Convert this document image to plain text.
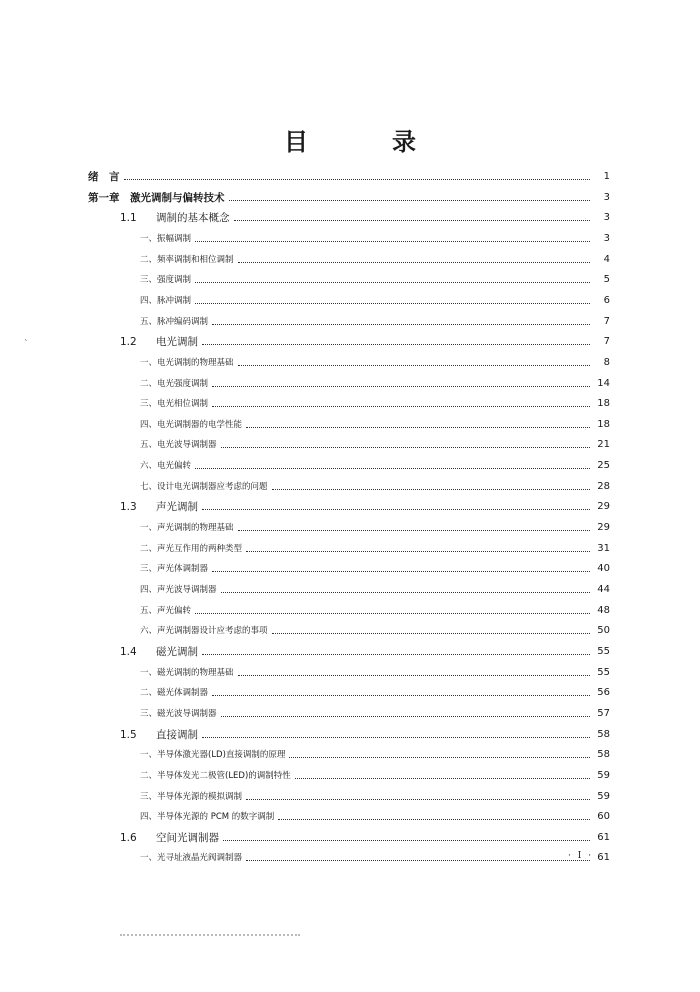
`
目　录
绪　言	1
第一章　激光调制与偏转技术	3
1.1 调制的基本概念	3
一、振幅调制	3
二、频率调制和相位调制	4
三、强度调制	5
四、脉冲调制	6
五、脉冲编码调制	7
1.2 电光调制	7
一、电光调制的物理基础	8
二、电光强度调制	14
三、电光相位调制	18
四、电光调制器的电学性能	18
五、电光波导调制器	21
六、电光偏转	25
七、设计电光调制器应考虑的问题	28
1.3 声光调制	29
一、声光调制的物理基础	29
二、声光互作用的两种类型	31
三、声光体调制器	40
四、声光波导调制器	44
五、声光偏转	48
六、声光调制器设计应考虑的事项	50
1.4 磁光调制	55
一、磁光调制的物理基础	55
二、磁光体调制器	56
三、磁光波导调制器	57
1.5 直接调制	58
一、半导体激光器(LD)直接调制的原理	58
二、半导体发光二极管(LED)的调制特性	59
三、半导体光源的模拟调制	59
四、半导体光源的 PCM 的数字调制	60
1.6 空间光调制器	61
一、光寻址液晶光阀调制器	61
· I ·
